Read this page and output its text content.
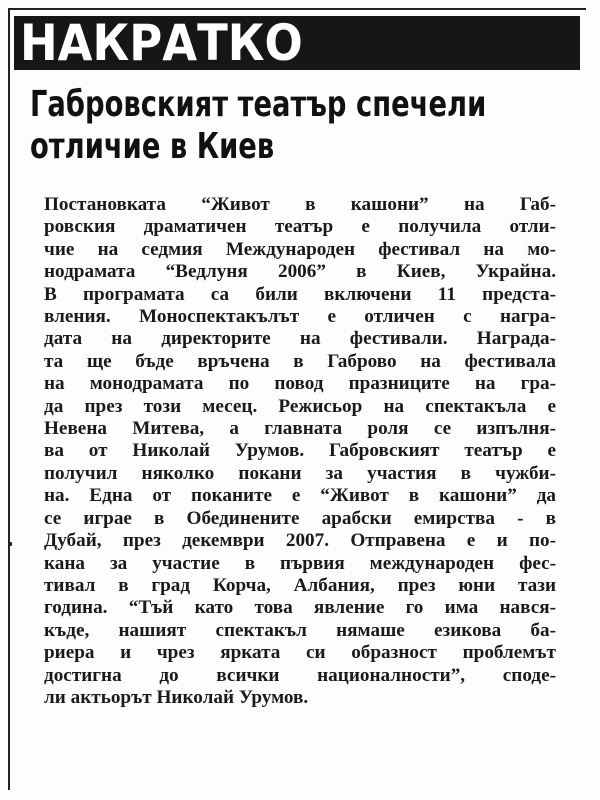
НАКРАТКО
Габровският театър спечели
отличие в Киев
Постановката “Живот в кашони” на Габ-
ровския драматичен театър е получила отли-
чие на седмия Международен фестивал на мо-
нодрамата “Ведлуня 2006” в Киев, Украйна.
В програмата са били включени 11 предста-
вления. Моноспектакълът е отличен с награ-
дата на директорите на фестивали. Наградa-
та ще бъде връчена в Габрово на фестивала
на монодрамата по повод празниците на гра-
да през този месец. Режисьор на спектакъла е
Невена Митева, а главната роля се изпълня-
ва от Николай Урумов. Габровският театър е
получил няколко покани за участия в чужби-
на. Една от поканите е “Живот в кашони” да
се играе в Обединените арабски емирства - в
Дубай, през декември 2007. Отправена е и по-
кана за участие в първия международен фес-
тивал в град Корча, Албания, през юни тази
година. “Тъй като това явление го има нався-
къде, нашият спектакъл нямаше езикова ба-
риера и чрез ярката си образност проблемът
достигна до всички националности”, споде-
ли актьорът Николай Урумов.
